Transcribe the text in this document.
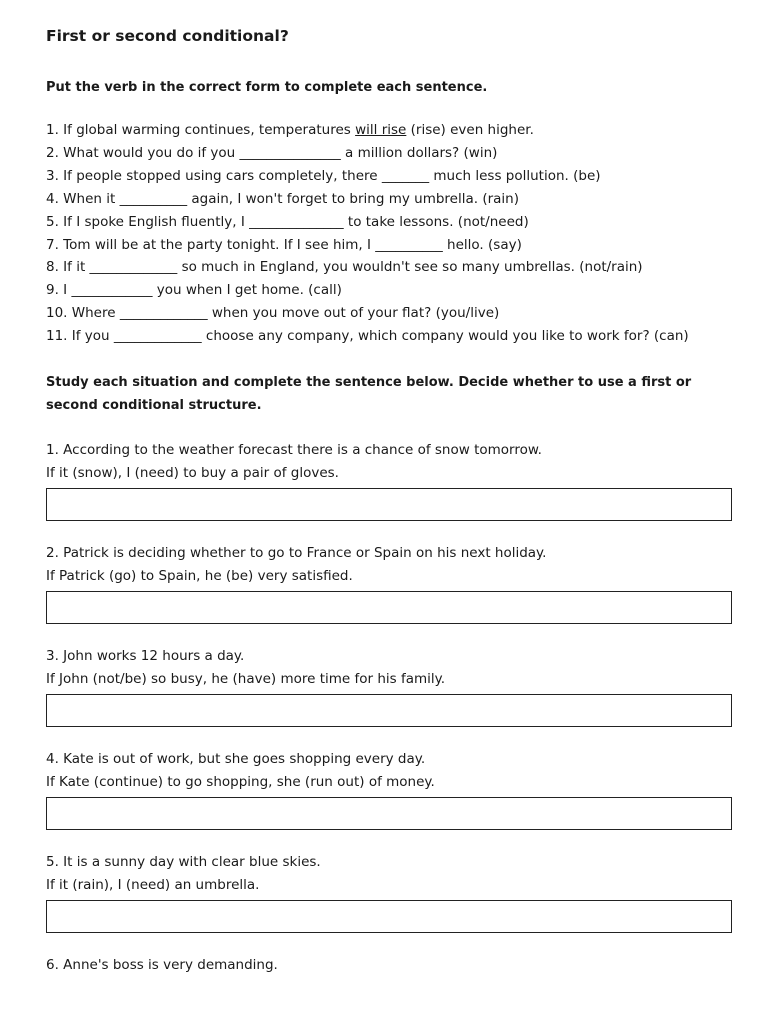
First or second conditional?

Put the verb in the correct form to complete each sentence.

1. If global warming continues, temperatures will rise (rise) even higher.
2. What would you do if you _______________ a million dollars? (win)
3. If people stopped using cars completely, there _______ much less pollution. (be)
4. When it __________ again, I won't forget to bring my umbrella. (rain)
5. If I spoke English fluently, I ______________ to take lessons. (not/need)
7. Tom will be at the party tonight. If I see him, I __________ hello. (say)
8. If it _____________ so much in England, you wouldn't see so many umbrellas. (not/rain)
9. I ____________ you when I get home. (call)
10. Where _____________ when you move out of your flat? (you/live)
11. If you _____________ choose any company, which company would you like to work for? (can)

Study each situation and complete the sentence below. Decide whether to use a first or second conditional structure.

1. According to the weather forecast there is a chance of snow tomorrow.

If it (snow), I (need) to buy a pair of gloves.

2. Patrick is deciding whether to go to France or Spain on his next holiday.

If Patrick (go) to Spain, he (be) very satisfied.

3. John works 12 hours a day.

If John (not/be) so busy, he (have) more time for his family.

4. Kate is out of work, but she goes shopping every day.

If Kate (continue) to go shopping, she (run out) of money.

5. It is a sunny day with clear blue skies.

If it (rain), I (need) an umbrella.

6. Anne's boss is very demanding.
